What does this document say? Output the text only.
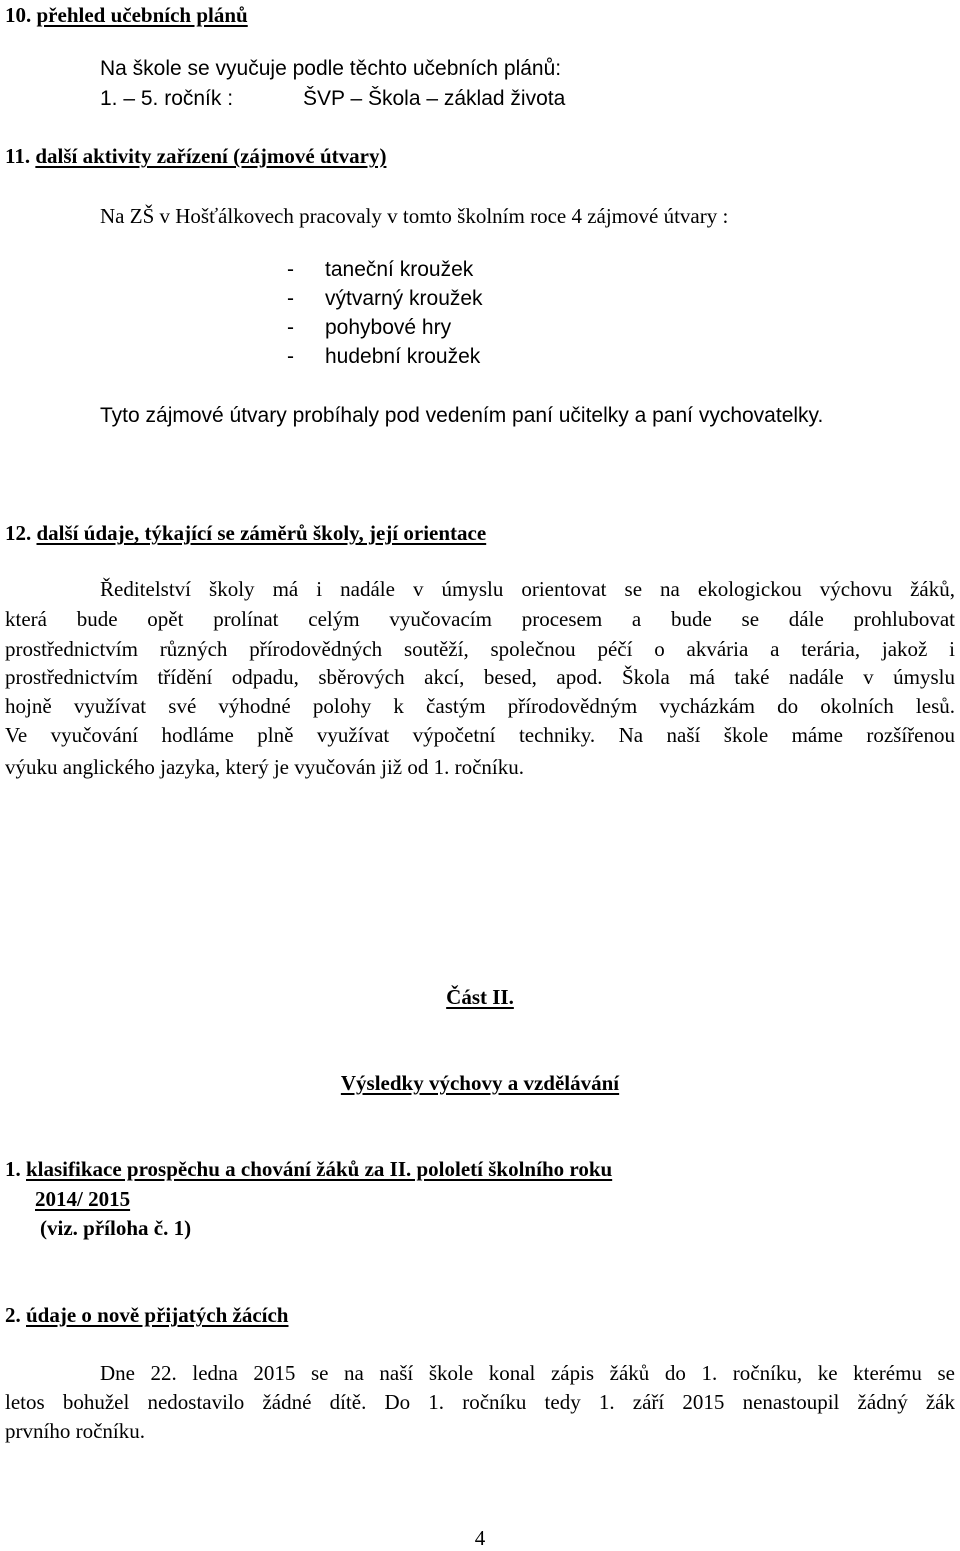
10. přehled učebních plánů
Na škole se vyučuje podle těchto učebních plánů:
1. – 5. ročník :	ŠVP – Škola – základ života
11. další aktivity zařízení (zájmové útvary)
Na ZŠ v Hošťálkovech pracovaly v tomto školním roce 4 zájmové útvary :
- taneční kroužek
- výtvarný kroužek
- pohybové hry
- hudební kroužek
Tyto zájmové útvary probíhaly pod vedením paní učitelky a paní vychovatelky.
12. další údaje, týkající se záměrů školy, její orientace
Ředitelství školy má i nadále v úmyslu orientovat se na ekologickou výchovu žáků,
která bude opět prolínat celým vyučovacím procesem a bude se dále prohlubovat
prostřednictvím různých přírodovědných soutěží, společnou péčí o akvária a terária, jakož i
prostřednictvím třídění odpadu, sběrových akcí, besed, apod. Škola má také nadále v úmyslu
hojně využívat své výhodné polohy k častým přírodovědným vycházkám do okolních lesů.
Ve vyučování hodláme plně využívat výpočetní techniky. Na naší škole máme rozšířenou
výuku anglického jazyka, který je vyučován již od 1. ročníku.
Část II.
Výsledky výchovy a vzdělávání
1. klasifikace prospěchu a chování žáků za II. pololetí školního roku
2014/ 2015
(viz. příloha č. 1)
2. údaje o nově přijatých žácích
Dne 22. ledna 2015 se na naší škole konal zápis žáků do 1. ročníku, ke kterému se
letos bohužel nedostavilo žádné dítě. Do 1. ročníku tedy 1. září 2015 nenastoupil žádný žák
prvního ročníku.
4
